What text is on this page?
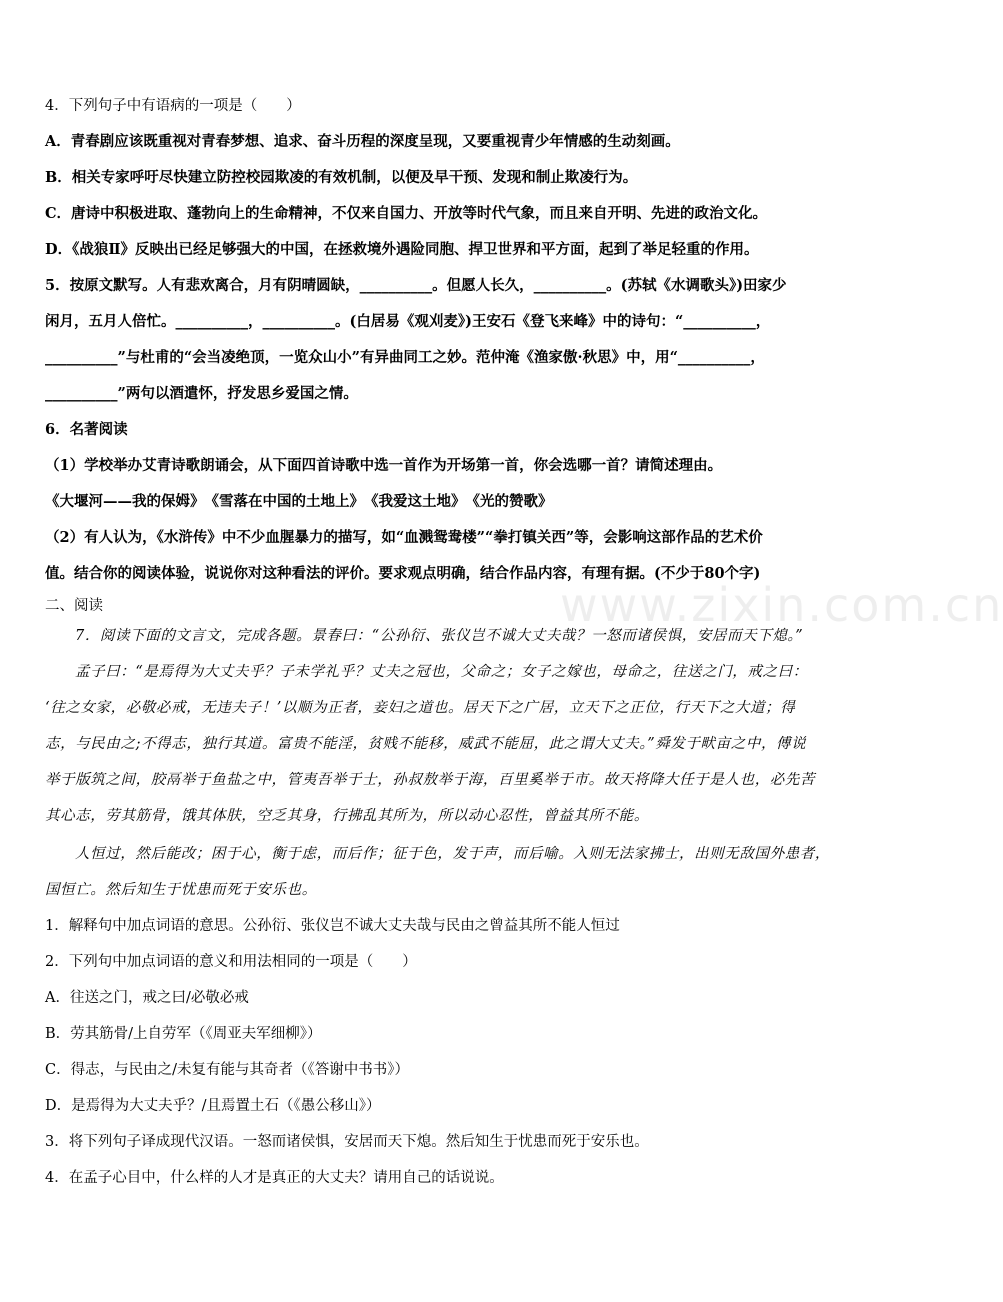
4．下列句子中有语病的一项是（　　）
A．青春剧应该既重视对青春梦想、追求、奋斗历程的深度呈现，又要重视青少年情感的生动刻画。
B．相关专家呼吁尽快建立防控校园欺凌的有效机制，以便及早干预、发现和制止欺凌行为。
C．唐诗中积极进取、蓬勃向上的生命精神，不仅来自国力、开放等时代气象，而且来自开明、先进的政治文化。
D．《战狼Ⅱ》反映出已经足够强大的中国，在拯救境外遇险同胞、捍卫世界和平方面，起到了举足轻重的作用。
5．按原文默写。人有悲欢离合，月有阴晴圆缺，__________。但愿人长久，__________。(苏轼《水调歌头》)田家少
闲月，五月人倍忙。__________，__________。(白居易《观刈麦》)王安石《登飞来峰》中的诗句：“__________，
__________”与杜甫的“会当凌绝顶，一览众山小”有异曲同工之妙。范仲淹《渔家傲·秋思》中，用“__________，
__________”两句以酒遣怀，抒发思乡爱国之情。
6．名著阅读
（1）学校举办艾青诗歌朗诵会，从下面四首诗歌中选一首作为开场第一首，你会选哪一首？请简述理由。
《大堰河——我的保姆》　《雪落在中国的土地上》　《我爱这土地》　《光的赞歌》
（2）有人认为，《水浒传》中不少血腥暴力的描写，如“血溅鸳鸯楼”“拳打镇关西”等，会影响这部作品的艺术价
值。结合你的阅读体验，说说你对这种看法的评价。要求观点明确，结合作品内容，有理有据。(不少于80个字)
二、阅读
7．阅读下面的文言文，完成各题。景春曰：“公孙衍、张仪岂不诚大丈夫哉？一怒而诸侯惧，安居而天下熄。”
孟子曰：“是焉得为大丈夫乎？子未学礼乎？丈夫之冠也，父命之；女子之嫁也，母命之，往送之门，戒之曰：
‘往之女家，必敬必戒，无违夫子！’以顺为正者，妾妇之道也。居天下之广居，立天下之正位，行天下之大道；得
志，与民由之;不得志，独行其道。富贵不能淫，贫贱不能移，威武不能屈，此之谓大丈夫。”舜发于畎亩之中，傅说
举于版筑之间，胶鬲举于鱼盐之中，管夷吾举于士，孙叔敖举于海，百里奚举于市。故天将降大任于是人也，必先苦
其心志，劳其筋骨，饿其体肤，空乏其身，行拂乱其所为，所以动心忍性，曾益其所不能。
人恒过，然后能改；困于心，衡于虑，而后作；征于色，发于声，而后喻。入则无法家拂士，出则无敌国外患者，
国恒亡。然后知生于忧患而死于安乐也。
1．解释句中加点词语的意思。公孙衍、张仪岂不诚大丈夫哉与民由之曾益其所不能人恒过
2．下列句中加点词语的意义和用法相同的一项是（　　）
A．往送之门，戒之曰/必敬必戒
B．劳其筋骨/上自劳军（《周亚夫军细柳》）
C．得志，与民由之/未复有能与其奇者（《答谢中书书》）
D．是焉得为大丈夫乎？/且焉置土石（《愚公移山》）
3．将下列句子译成现代汉语。一怒而诸侯惧，安居而天下熄。然后知生于忧患而死于安乐也。
4．在孟子心目中，什么样的人才是真正的大丈夫？请用自己的话说说。
www.zixin.com.cn
